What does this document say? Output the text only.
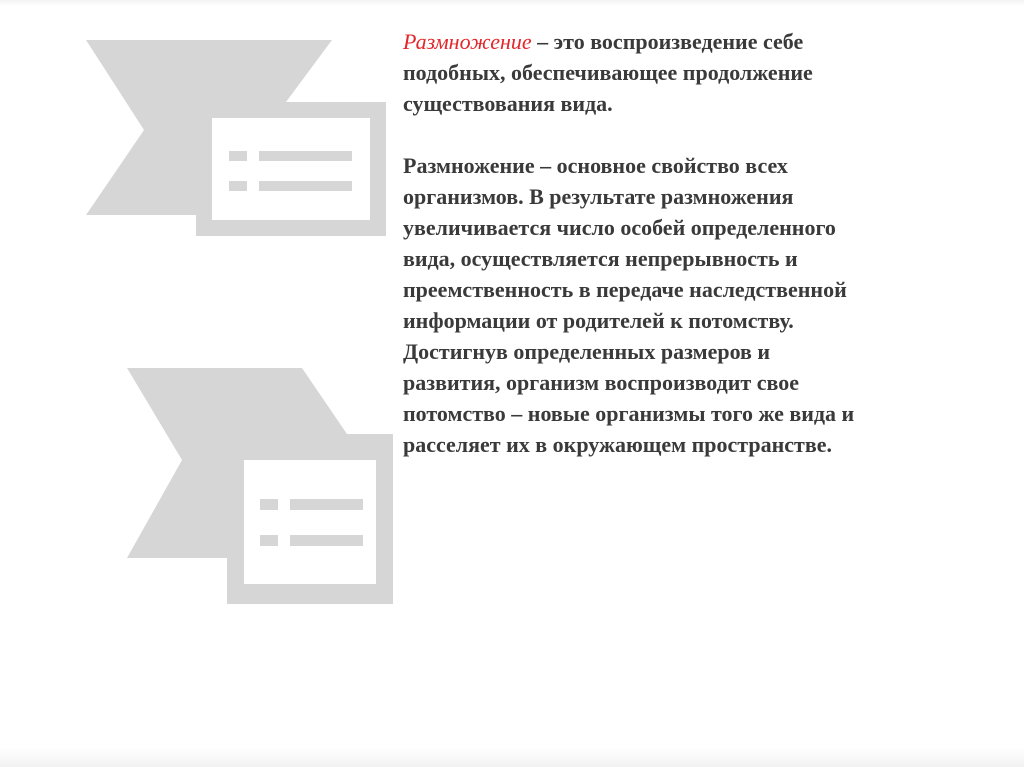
Размножение – это воспроизведение себе
подобных, обеспечивающее продолжение
существования вида.

Размножение – основное свойство всех
организмов. В результате размножения
увеличивается число особей определенного
вида, осуществляется непрерывность и
преемственность в передаче наследственной
информации от родителей к потомству.
Достигнув определенных размеров и
развития, организм воспроизводит свое
потомство – новые организмы того же вида и
расселяет их в окружающем пространстве.
